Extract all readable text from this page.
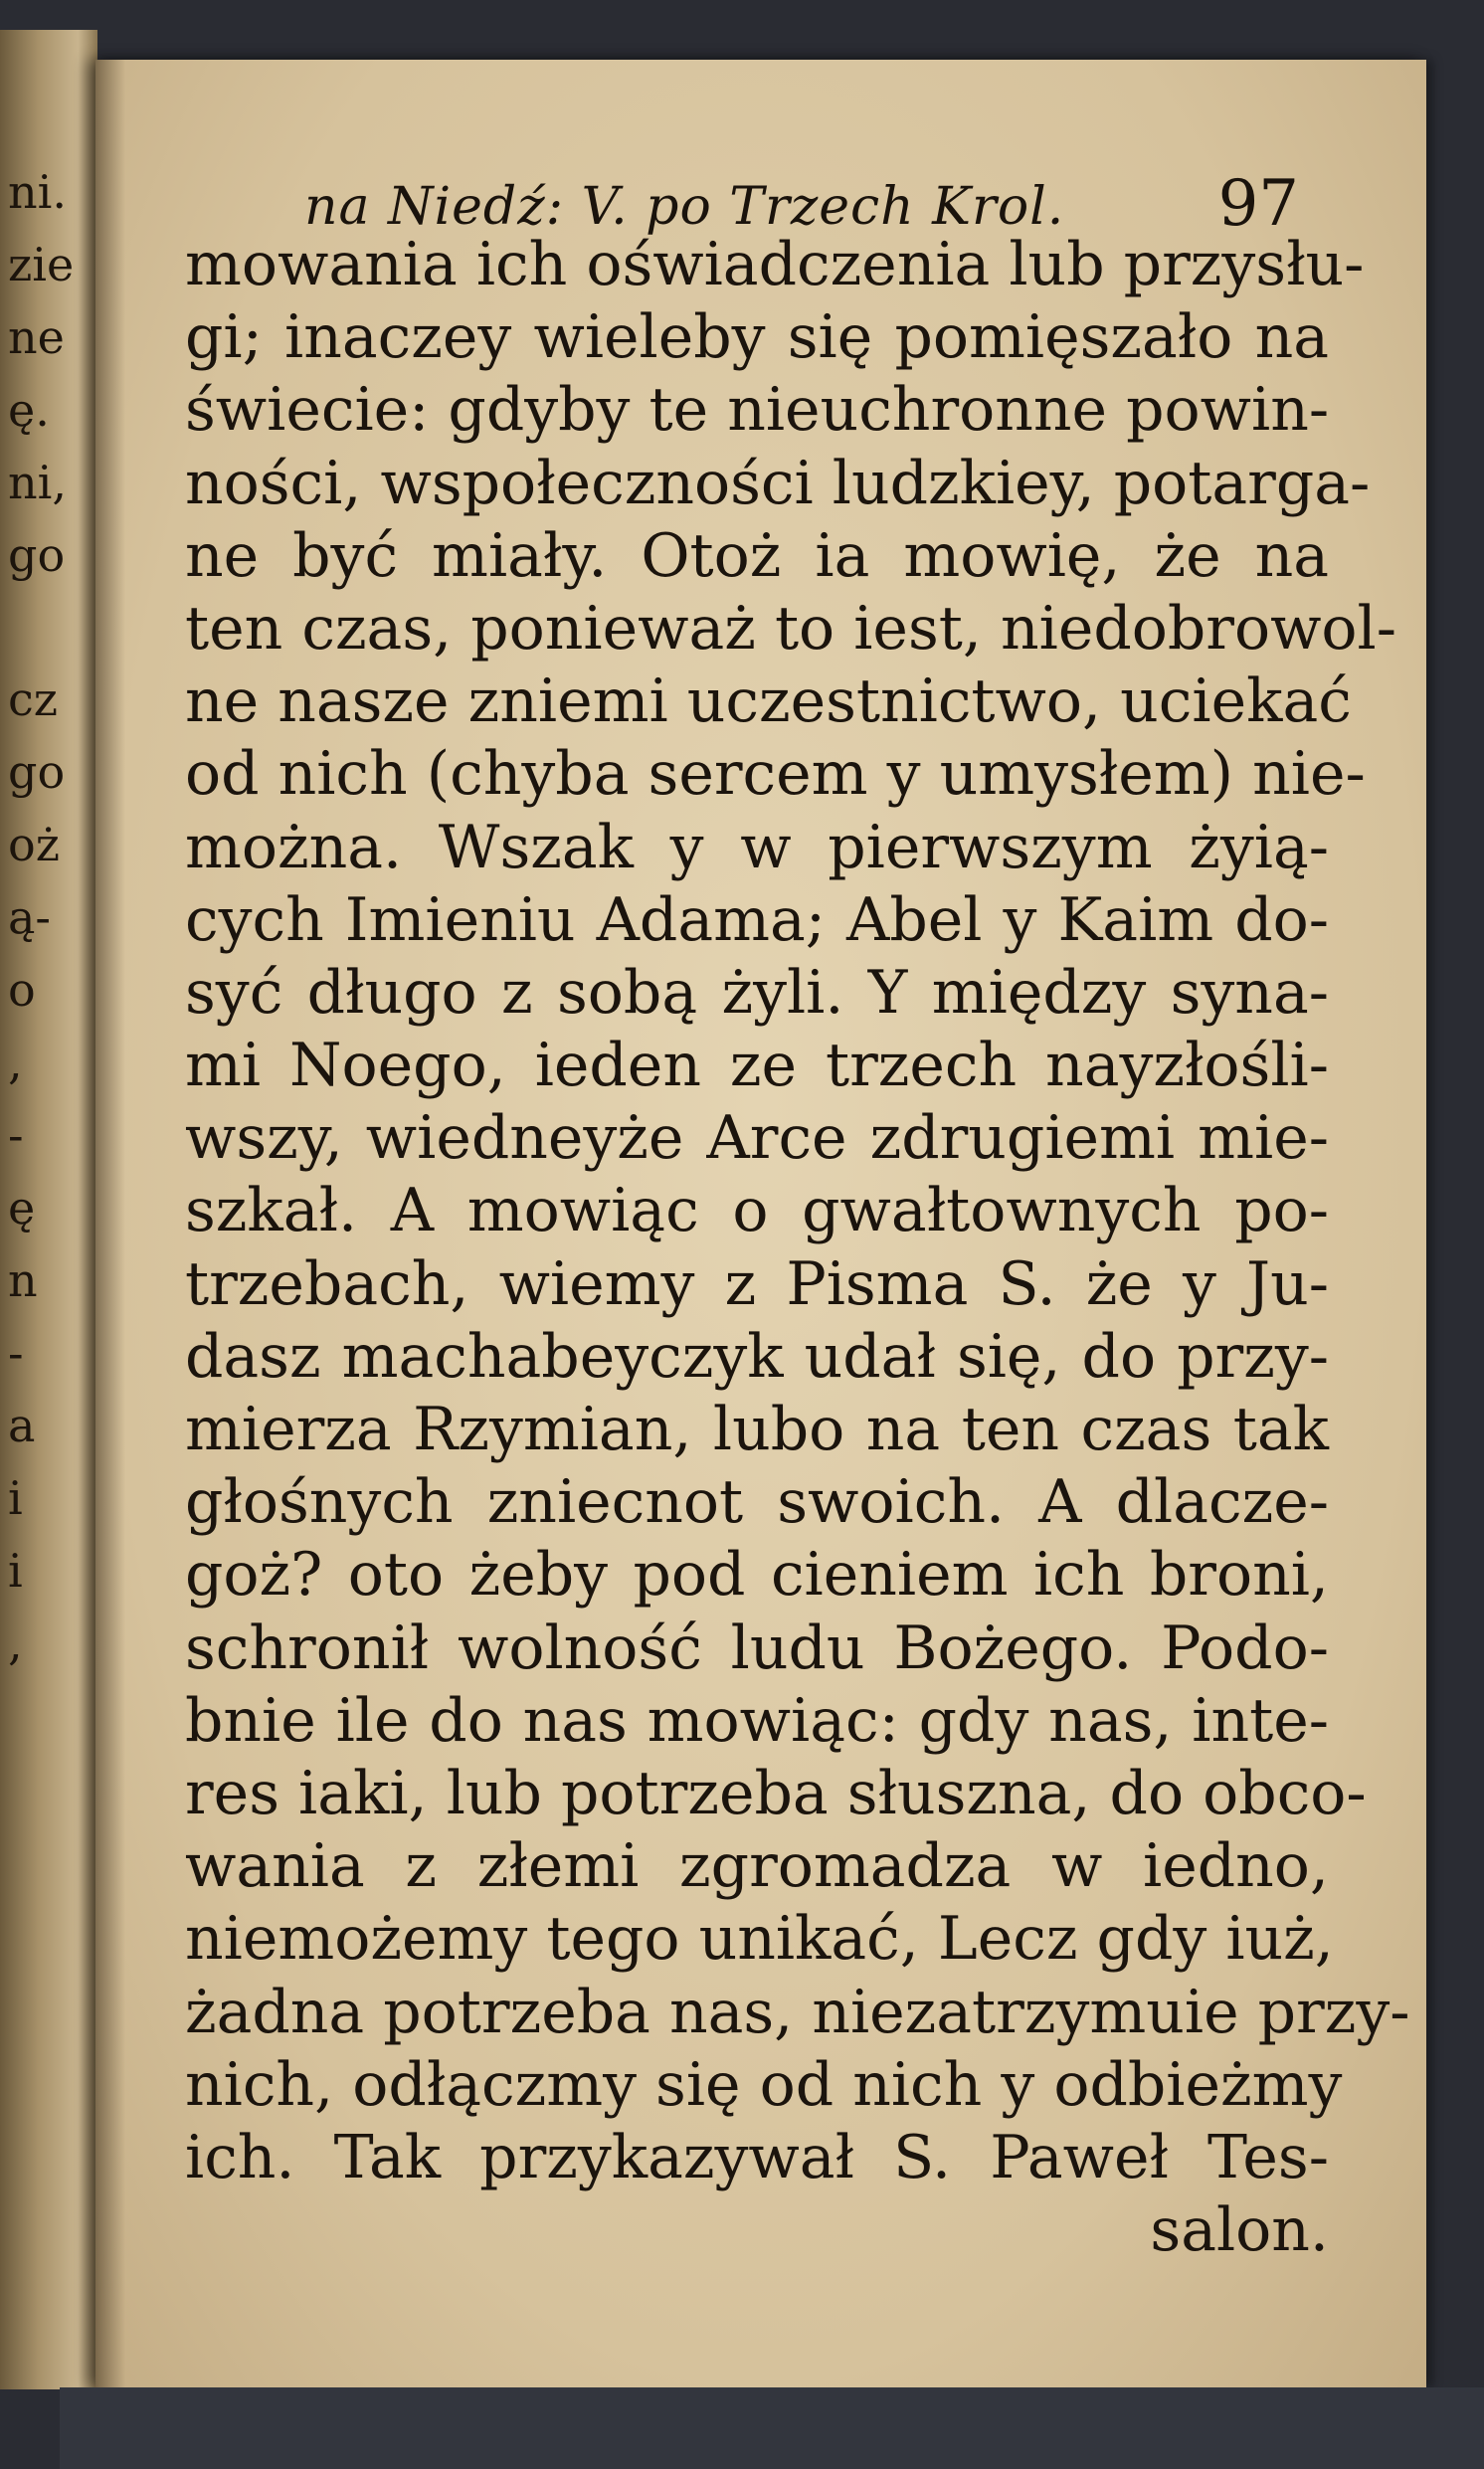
ni.
zie
ne
ę.
ni,
go
cz
go
oż
ą-
o
,
-
ę
n
-
a
i
i
,
na Niedź: V. po Trzech Krol. 97
mowania ich oświadczenia lub przysłu-
gi; inaczey wieleby się pomięszało na
świecie: gdyby te nieuchronne powin-
ności, wspołeczności ludzkiey, potarga-
ne być miały. Otoż ia mowię, że na
ten czas, ponieważ to iest, niedobrowol-
ne nasze zniemi uczestnictwo, uciekać
od nich (chyba sercem y umysłem) nie-
można. Wszak y w pierwszym żyią-
cych Imieniu Adama; Abel y Kaim do-
syć długo z sobą żyli. Y między syna-
mi Noego, ieden ze trzech nayzłośli-
wszy, wiedneyże Arce zdrugiemi mie-
szkał. A mowiąc o gwałtownych po-
trzebach, wiemy z Pisma S. że y Ju-
dasz machabeyczyk udał się, do przy-
mierza Rzymian, lubo na ten czas tak
głośnych zniecnot swoich. A dlacze-
goż? oto żeby pod cieniem ich broni,
schronił wolność ludu Bożego. Podo-
bnie ile do nas mowiąc: gdy nas, inte-
res iaki, lub potrzeba słuszna, do obco-
wania z złemi zgromadza w iedno,
niemożemy tego unikać, Lecz gdy iuż,
żadna potrzeba nas, niezatrzymuie przy-
nich, odłączmy się od nich y odbieżmy
ich. Tak przykazywał S. Paweł Tes-
salon.
